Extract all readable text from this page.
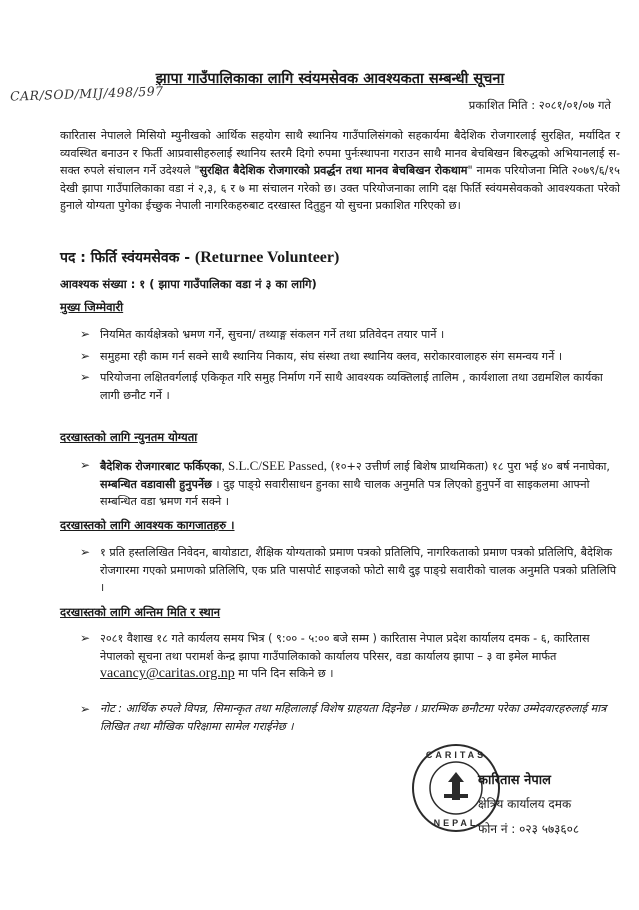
झापा गाउँपालिकाका लागि स्वंयमसेवक आवश्यकता सम्बन्धी सूचना
CAR/SOD/MIJ/498/597
प्रकाशित मिति : २०८१/०१/०७ गते
कारितास नेपालले मिसियो म्युनीखको आर्थिक सहयोग साथै स्थानिय गाउँपालिसंगको सहकार्यमा बैदेशिक रोजगारलाई सुरक्षित, मर्यादित र व्यवस्थित बनाउन र फिर्ती आप्रवासीहरुलाई स्थानिय स्तरमै दिगो रुपमा पुर्नःस्थापना गराउन साथै मानव बेचबिखन बिरुद्धको अभियानलाई स-सक्त रुपले संचालन गर्ने उदेश्यले "सुरक्षित बैदेशिक रोजगारको प्रवर्द्धन तथा मानव बेचबिखन रोकथाम" नामक परियोजना मिति २०७९/६/१५ देखी झापा गाउँपालिकाका वडा नं २,३, ६ र ७ मा संचालन गरेको छ। उक्त परियोजनाका लागि दक्ष फिर्ति स्वंयमसेवकको आवश्यकता परेको हुनाले योग्यता पुगेका ईच्छुक नेपाली नागरिकहरुबाट दरखास्त दितुहुन यो सुचना प्रकाशित गरिएको छ।
पद : फिर्ति स्वंयमसेवक - (Returnee Volunteer)
आवश्यक संख्या : १ ( झापा गाउँपालिका वडा नं ३ का लागि)
मुख्य जिम्मेवारी
➢ नियमित कार्यक्षेत्रको भ्रमण गर्ने, सुचना/ तथ्याङ्ग संकलन गर्ने तथा प्रतिवेदन तयार पार्ने ।
➢ समुहमा रही काम गर्न सक्ने साथै स्थानिय निकाय, संघ संस्था तथा स्थानिय क्लव, सरोकारवालाहरु संग समन्वय गर्ने ।
➢ परियोजना लक्षितवर्गलाई एकिकृत गरि समुह निर्माण गर्ने साथै आवश्यक व्यक्तिलाई तालिम , कार्यशाला तथा उद्यमशिल कार्यका लागी छनौट गर्ने ।
दरखास्तको लागि न्युनतम योग्यता
➢ बैदेशिक रोजगारबाट फर्किएका, S.L.C/SEE Passed, (१०+२ उत्तीर्ण लाई बिशेष प्राथमिकता) १८ पुरा भई ४० बर्ष ननाघेका, सम्बन्धित वडावासी हुनुपर्नेछ । दुइ पाङ्ग्रे सवारीसाधन हुनका साथै चालक अनुमति पत्र लिएको हुनुपर्ने वा साइकलमा आफ्नो सम्बन्धित वडा भ्रमण गर्न सक्ने ।
दरखास्तको लागि आवश्यक कागजातहरु ।
➢ १ प्रति हस्तलिखित निवेदन, बायोडाटा, शैक्षिक योग्यताको प्रमाण पत्रको प्रतिलिपि, नागरिकताको प्रमाण पत्रको प्रतिलिपि, बैदेशिक रोजगारमा गएको प्रमाणको प्रतिलिपि, एक प्रति पासपोर्ट साइजको फोटो साथै दुइ पाङ्ग्रे सवारीको चालक अनुमति पत्रको प्रतिलिपि ।
दरखास्तको लागि अन्तिम मिति र स्थान
➢ २०८१ वैशाख १८ गते कार्यलय समय भित्र ( ९:०० - ५:०० बजे सम्म ) कारितास नेपाल प्रदेश कार्यालय दमक - ६, कारितास नेपालको सूचना तथा परामर्श केन्द्र झापा गाउँपालिकाको कार्यालय परिसर, वडा कार्यालय झापा – ३ वा इमेल मार्फत vacancy@caritas.org.np मा पनि दिन सकिने छ ।
➢ नोट : आर्थिक रुपले विपन्न, सिमान्कृत तथा महिलालाई विशेष ग्राहयता दिइनेछ । प्रारम्भिक छनौटमा परेका उम्मेदवारहरुलाई मात्र लिखित तथा मौखिक परिक्षामा सामेल गराईनेछ ।
CARITAS
NEPAL
कारितास नेपाल
क्षेत्रिय कार्यालय दमक
फोन नं : ०२३ ५७३६०८
